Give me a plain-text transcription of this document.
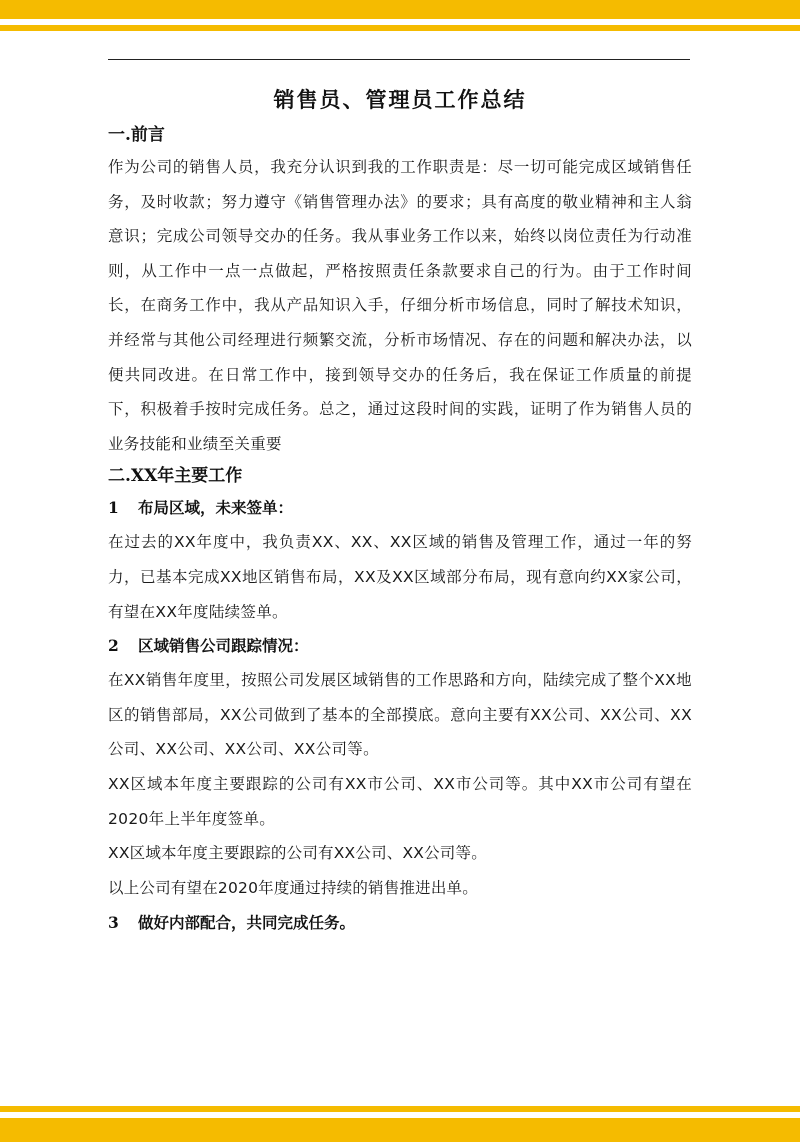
销售员、管理员工作总结
一.前言

作为公司的销售人员，我充分认识到我的工作职责是：尽一切可能完成区域销售任务，及时收款；努力遵守《销售管理办法》的要求；具有高度的敬业精神和主人翁意识；完成公司领导交办的任务。我从事业务工作以来，始终以岗位责任为行动准则，从工作中一点一点做起，严格按照责任条款要求自己的行为。由于工作时间长，在商务工作中，我从产品知识入手，仔细分析市场信息，同时了解技术知识，并经常与其他公司经理进行频繁交流，分析市场情况、存在的问题和解决办法，以便共同改进。在日常工作中，接到领导交办的任务后，我在保证工作质量的前提下，积极着手按时完成任务。总之，通过这段时间的实践，证明了作为销售人员的业务技能和业绩至关重要

二.XX年主要工作
1 布局区域，未来签单：

在过去的XX年度中，我负责XX、XX、XX区域的销售及管理工作，通过一年的努力，已基本完成XX地区销售布局，XX及XX区域部分布局，现有意向约XX家公司，有望在XX年度陆续签单。

2 区域销售公司跟踪情况：

在XX销售年度里，按照公司发展区域销售的工作思路和方向，陆续完成了整个XX地区的销售部局，XX公司做到了基本的全部摸底。意向主要有XX公司、XX公司、XX公司、XX公司、XX公司、XX公司等。

XX区域本年度主要跟踪的公司有XX市公司、XX市公司等。其中XX市公司有望在2020年上半年度签单。

XX区域本年度主要跟踪的公司有XX公司、XX公司等。

以上公司有望在2020年度通过持续的销售推进出单。

3 做好内部配合，共同完成任务。
